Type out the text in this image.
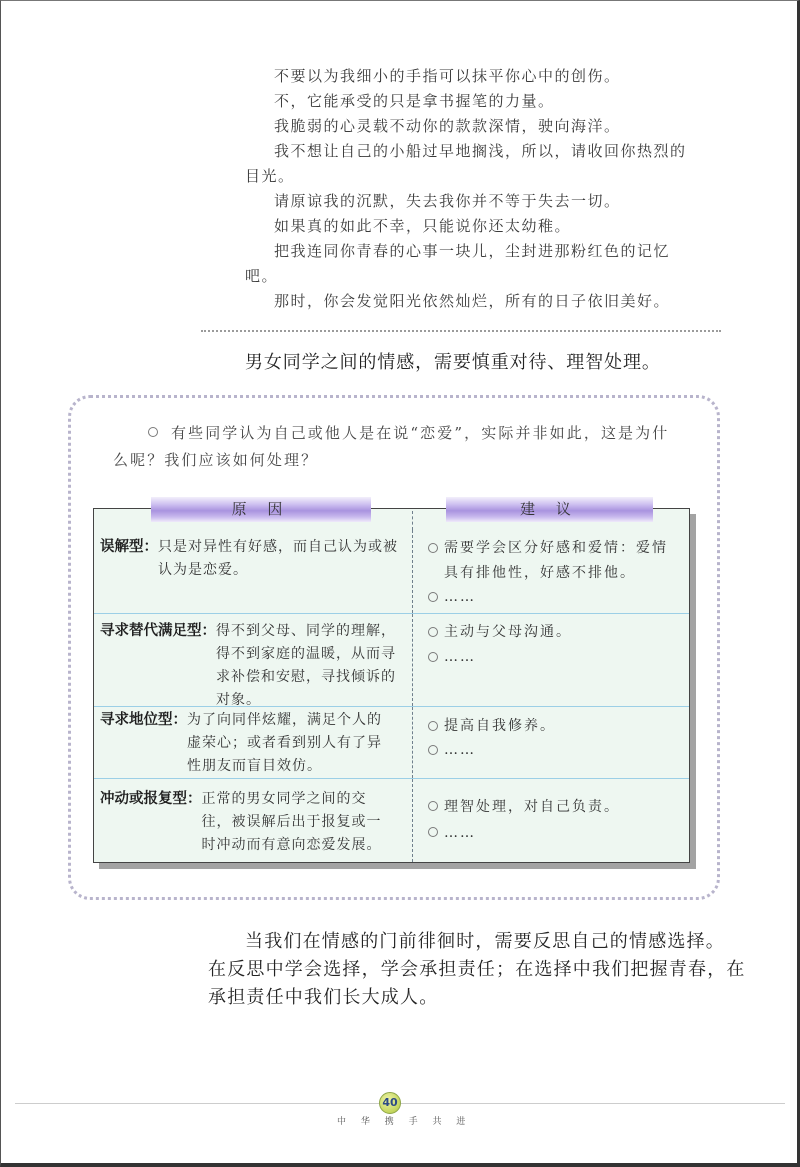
不要以为我细小的手指可以抹平你心中的创伤。
不，它能承受的只是拿书握笔的力量。
我脆弱的心灵载不动你的款款深情，驶向海洋。
我不想让自己的小船过早地搁浅，所以，请收回你热烈的
目光。
请原谅我的沉默，失去我你并不等于失去一切。
如果真的如此不幸，只能说你还太幼稚。
把我连同你青春的心事一块儿，尘封进那粉红色的记忆
吧。
那时，你会发觉阳光依然灿烂，所有的日子依旧美好。
男女同学之间的情感，需要慎重对待、理智处理。
有些同学认为自己或他人是在说“恋爱”，实际并非如此，这是为什
么呢？我们应该如何处理？
原 因	建 议
误解型： 只是对异性有好感，而自己认为或被
认为是恋爱。
需要学会区分好感和爱情：爱情
具有排他性，好感不排他。
……
寻求替代满足型： 得不到父母、同学的理解，
得不到家庭的温暖，从而寻
求补偿和安慰，寻找倾诉的
对象。
主动与父母沟通。
……
寻求地位型： 为了向同伴炫耀，满足个人的
虚荣心；或者看到别人有了异
性朋友而盲目效仿。
提高自我修养。
……
冲动或报复型： 正常的男女同学之间的交
往，被误解后出于报复或一
时冲动而有意向恋爱发展。
理智处理，对自己负责。
……
当我们在情感的门前徘徊时，需要反思自己的情感选择。
在反思中学会选择，学会承担责任；在选择中我们把握青春，在
承担责任中我们长大成人。
40
中 华 携 手 共 进
